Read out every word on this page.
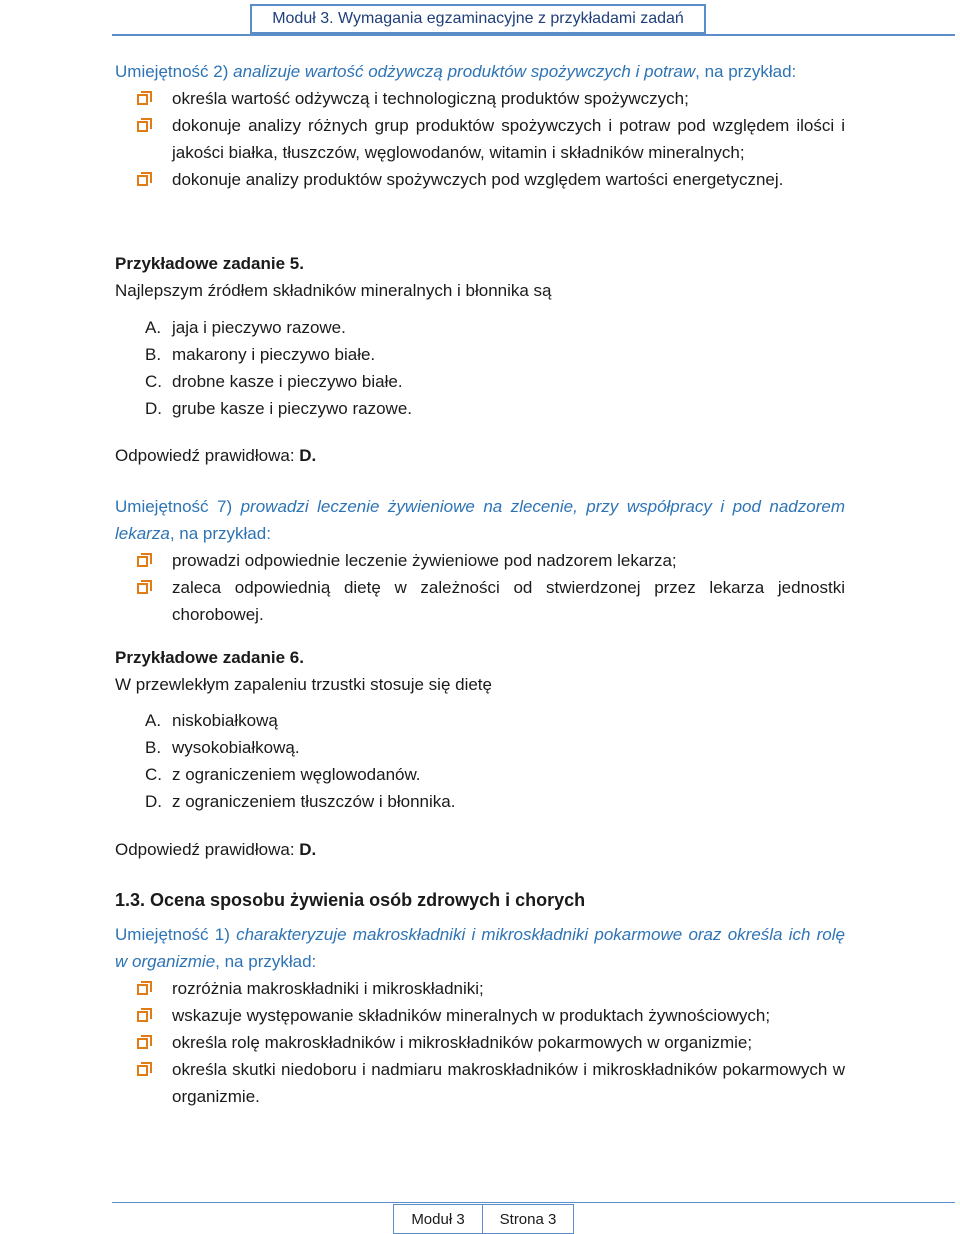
Moduł 3. Wymagania egzaminacyjne z przykładami zadań
Umiejętność 2) analizuje wartość odżywczą produktów spożywczych i potraw, na przykład:
określa wartość odżywczą i technologiczną produktów spożywczych;
dokonuje analizy różnych grup produktów spożywczych i potraw pod względem ilości i jakości białka, tłuszczów, węglowodanów, witamin i składników mineralnych;
dokonuje analizy produktów spożywczych pod względem wartości energetycznej.
Przykładowe zadanie 5.
Najlepszym źródłem składników mineralnych i błonnika są
A. jaja i pieczywo razowe.
B. makarony i pieczywo białe.
C. drobne kasze i pieczywo białe.
D. grube kasze i pieczywo razowe.
Odpowiedź prawidłowa: D.
Umiejętność 7) prowadzi leczenie żywieniowe na zlecenie, przy współpracy i pod nadzorem lekarza, na przykład:
prowadzi odpowiednie leczenie żywieniowe pod nadzorem lekarza;
zaleca odpowiednią dietę w zależności od stwierdzonej przez lekarza jednostki chorobowej.
Przykładowe zadanie 6.
W przewlekłym zapaleniu trzustki stosuje się dietę
A. niskobiałkową
B. wysokobiałkową.
C. z ograniczeniem węglowodanów.
D. z ograniczeniem tłuszczów i błonnika.
Odpowiedź prawidłowa: D.
1.3. Ocena sposobu żywienia osób zdrowych i chorych
Umiejętność 1) charakteryzuje makroskładniki i mikroskładniki pokarmowe oraz określa ich rolę w organizmie, na przykład:
rozróżnia makroskładniki i mikroskładniki;
wskazuje występowanie składników mineralnych w produktach żywnościowych;
określa rolę makroskładników i mikroskładników pokarmowych w organizmie;
określa skutki niedoboru i nadmiaru makroskładników i mikroskładników pokarmowych w organizmie.
Moduł 3	Strona 3
